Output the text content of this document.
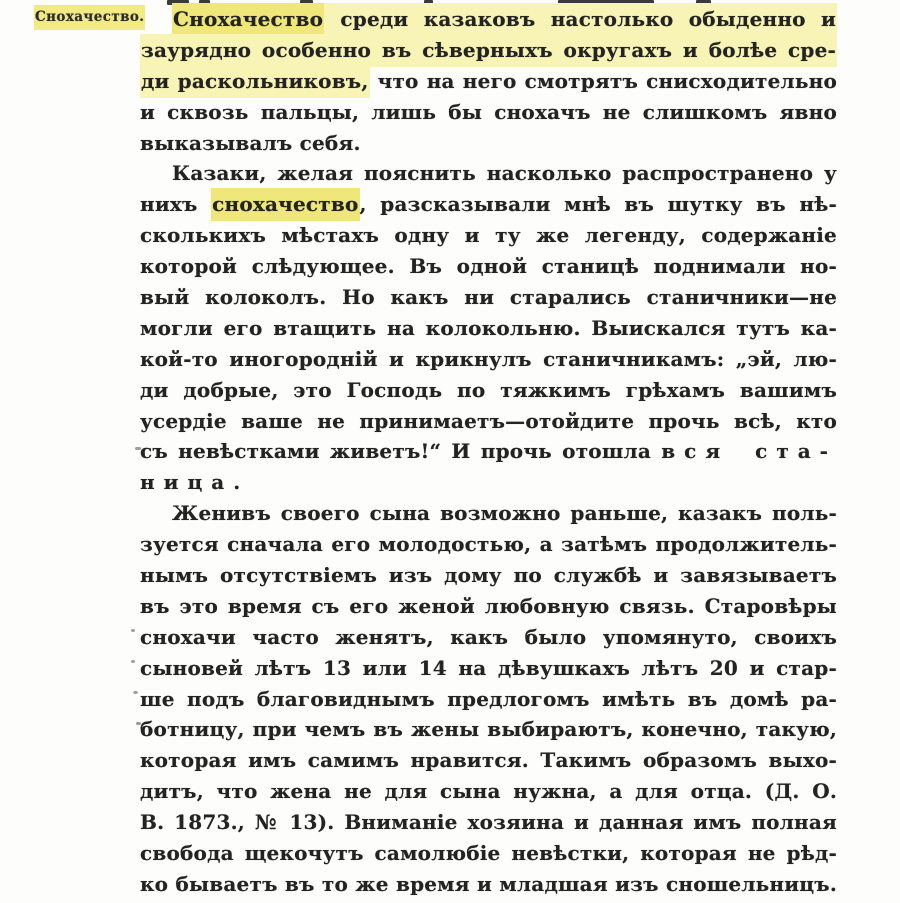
Снохачество.	Снохачество среди казаковъ настолько обыденно и
заурядно особенно въ сѣверныхъ округахъ и болѣе сре-
ди раскольниковъ, что на него смотрятъ снисходительно
и сквозь пальцы, лишь бы снохачъ не слишкомъ явно
выказывалъ себя.
Казаки, желая пояснить насколько распространено у
нихъ снохачество, разсказывали мнѣ въ шутку въ нѣ-
сколькихъ мѣстахъ одну и ту же легенду, содержаніе
которой слѣдующее. Въ одной станицѣ поднимали но-
вый колоколъ. Но какъ ни старались станичники—не
могли его втащить на колокольню. Выискался тутъ ка-
кой-то иногородній и крикнулъ станичникамъ: „эй, лю-
ди добрые, это Господь по тяжкимъ грѣхамъ вашимъ
усердіе ваше не принимаетъ—отойдите прочь всѣ, кто
съ невѣстками живетъ!“ И прочь отошла вся ста-
ница.
Женивъ своего сына возможно раньше, казакъ поль-
зуется сначала его молодостью, а затѣмъ продолжитель-
нымъ отсутствіемъ изъ дому по службѣ и завязываетъ
въ это время съ его женой любовную связь. Старовѣры
снохачи часто женятъ, какъ было упомянуто, своихъ
сыновей лѣтъ 13 или 14 на дѣвушкахъ лѣтъ 20 и стар-
ше подъ благовиднымъ предлогомъ имѣть въ домѣ ра-
ботницу, при чемъ въ жены выбираютъ, конечно, такую,
которая имъ самимъ нравится. Такимъ образомъ выхо-
дитъ, что жена не для сына нужна, а для отца. (Д. О.
В. 1873., № 13). Вниманіе хозяина и данная имъ полная
свобода щекочутъ самолюбіе невѣстки, которая не рѣд-
ко бываетъ въ то же время и младшая изъ сношельницъ.
